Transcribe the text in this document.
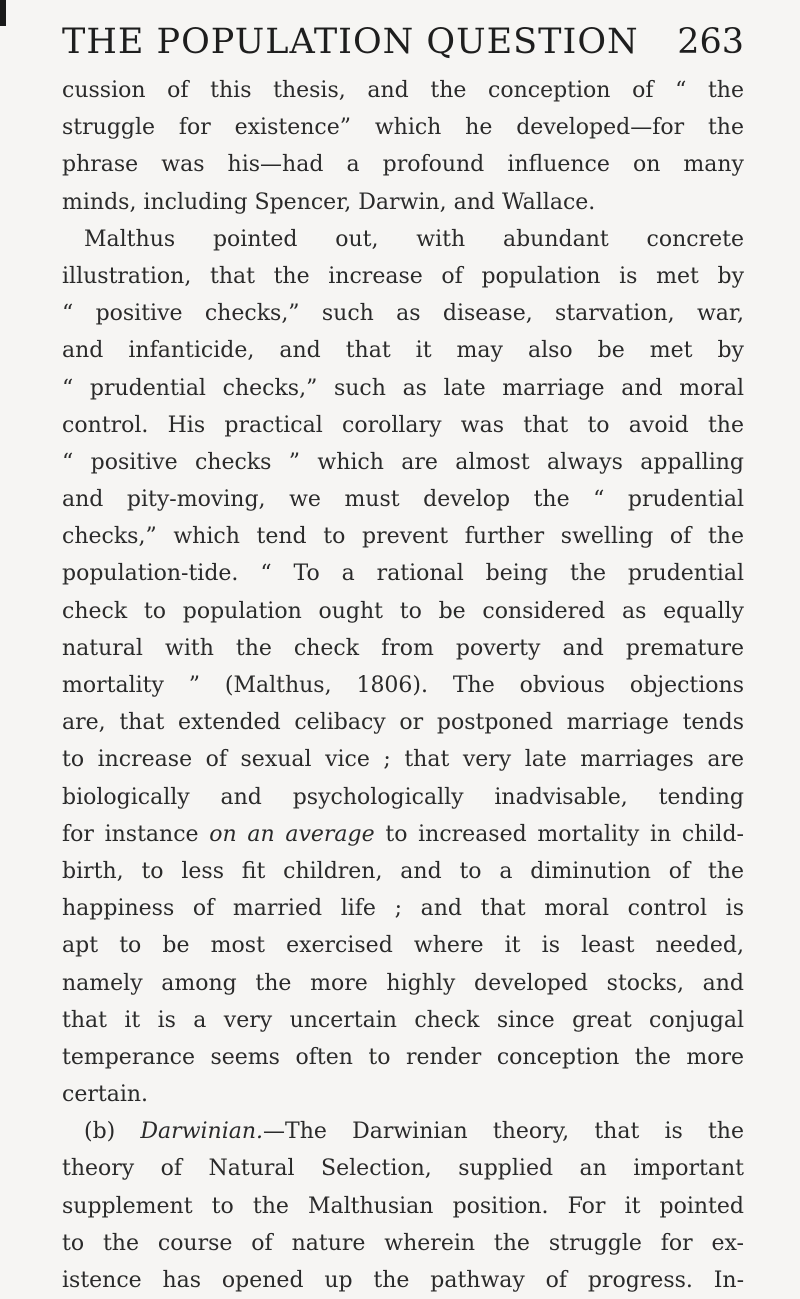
THE POPULATION QUESTION 263
cussion of this thesis, and the conception of “ the
struggle for existence” which he developed—for the
phrase was his—had a profound influence on many
minds, including Spencer, Darwin, and Wallace.
Malthus pointed out, with abundant concrete
illustration, that the increase of population is met by
“ positive checks,” such as disease, starvation, war,
and infanticide, and that it may also be met by
“ prudential checks,” such as late marriage and moral
control. His practical corollary was that to avoid the
“ positive checks ” which are almost always appalling
and pity-moving, we must develop the “ prudential
checks,” which tend to prevent further swelling of the
population-tide. “ To a rational being the prudential
check to population ought to be considered as equally
natural with the check from poverty and premature
mortality ” (Malthus, 1806). The obvious objections
are, that extended celibacy or postponed marriage tends
to increase of sexual vice ; that very late marriages are
biologically and psychologically inadvisable, tending
for instance on an average to increased mortality in child-
birth, to less fit children, and to a diminution of the
happiness of married life ; and that moral control is
apt to be most exercised where it is least needed,
namely among the more highly developed stocks, and
that it is a very uncertain check since great conjugal
temperance seems often to render conception the more
certain.
(b) Darwinian.—The Darwinian theory, that is the
theory of Natural Selection, supplied an important
supplement to the Malthusian position. For it pointed
to the course of nature wherein the struggle for ex-
istence has opened up the pathway of progress. In-
